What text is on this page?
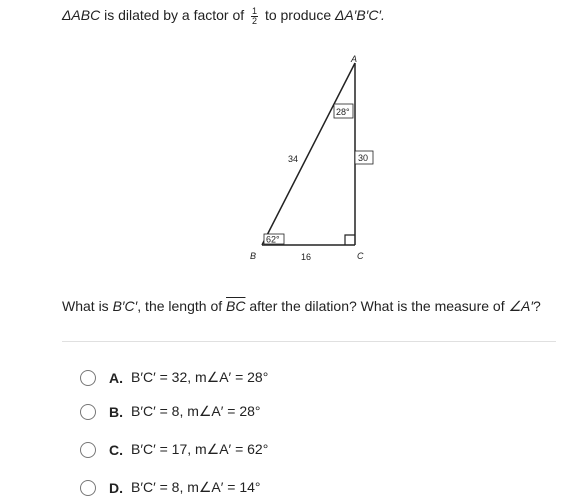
ΔABC is dilated by a factor of $\frac{1}{2}$ to produce ΔA′B′C′.
28°
62°
30
34
16
A
B	C
What is B′C′, the length of $\overline{BC}$ after the dilation? What is the measure of ∠A′?
A. B′C′ = 32, m∠A′ = 28°
B. B′C′ = 8, m∠A′ = 28°
C. B′C′ = 17, m∠A′ = 62°
D. B′C′ = 8, m∠A′ = 14°
